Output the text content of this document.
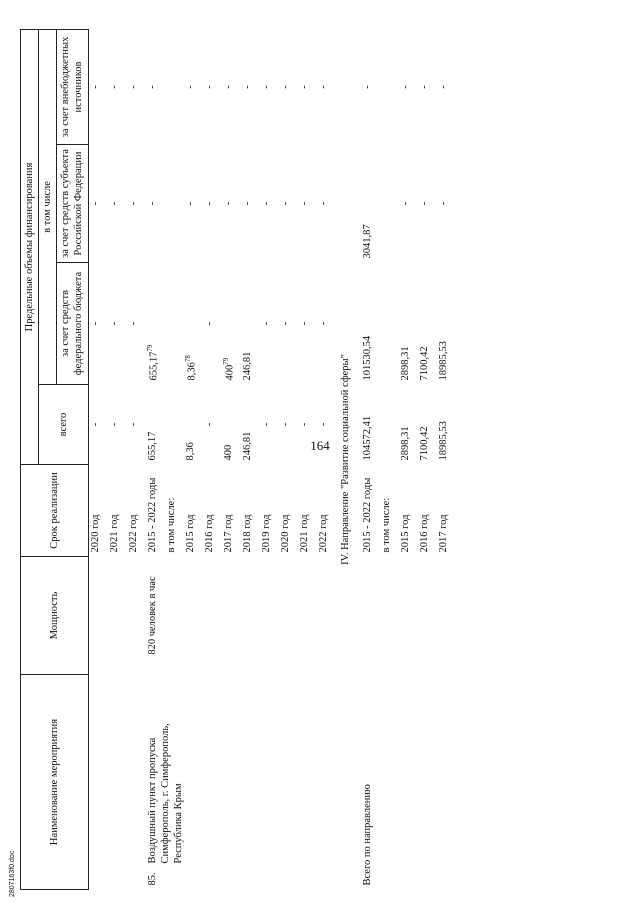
164
Наименование мероприятия	Мощность	Срок реализации	Предельные объемы финансирования			
			всего	в том числе		
				за счет средств федерального бюджета	за счет средств субъекта Российской Федерации	за счет внебюджетных источников
		2020 год	-	-	-	-
		2021 год	-	-	-	-
		2022 год	-	-	-	-
85.Воздушный пункт пропуска Симферополь, г. Симферополь, Республика Крым	820 человек в час	2015 - 2022 годы	655,17	655,17$^{79}$	-	-
		в том числе:				
		2015 год	8,36	8,36$^{78}$	-	-
		2016 год	-	-	-	-
		2017 год	400	$400^{79}$	-	-
		2018 год	246,81	246,81	-	-
		2019 год	-	-	-	-
		2020 год	-	-	-	-
		2021 год	-	-	-	-
		2022 год	-	-	-	-
IV. Направление "Развитие социальной сферы"						
Всего по направлению		2015 - 2022 годы	104572,41	101530,54	3041,87	-
		в том числе:				
		2015 год	2898,31	2898,31	-	-
		2016 год	7100,42	7100,42	-	-
		2017 год	18985,53	18985,53	-	-
2807163f0.doc
